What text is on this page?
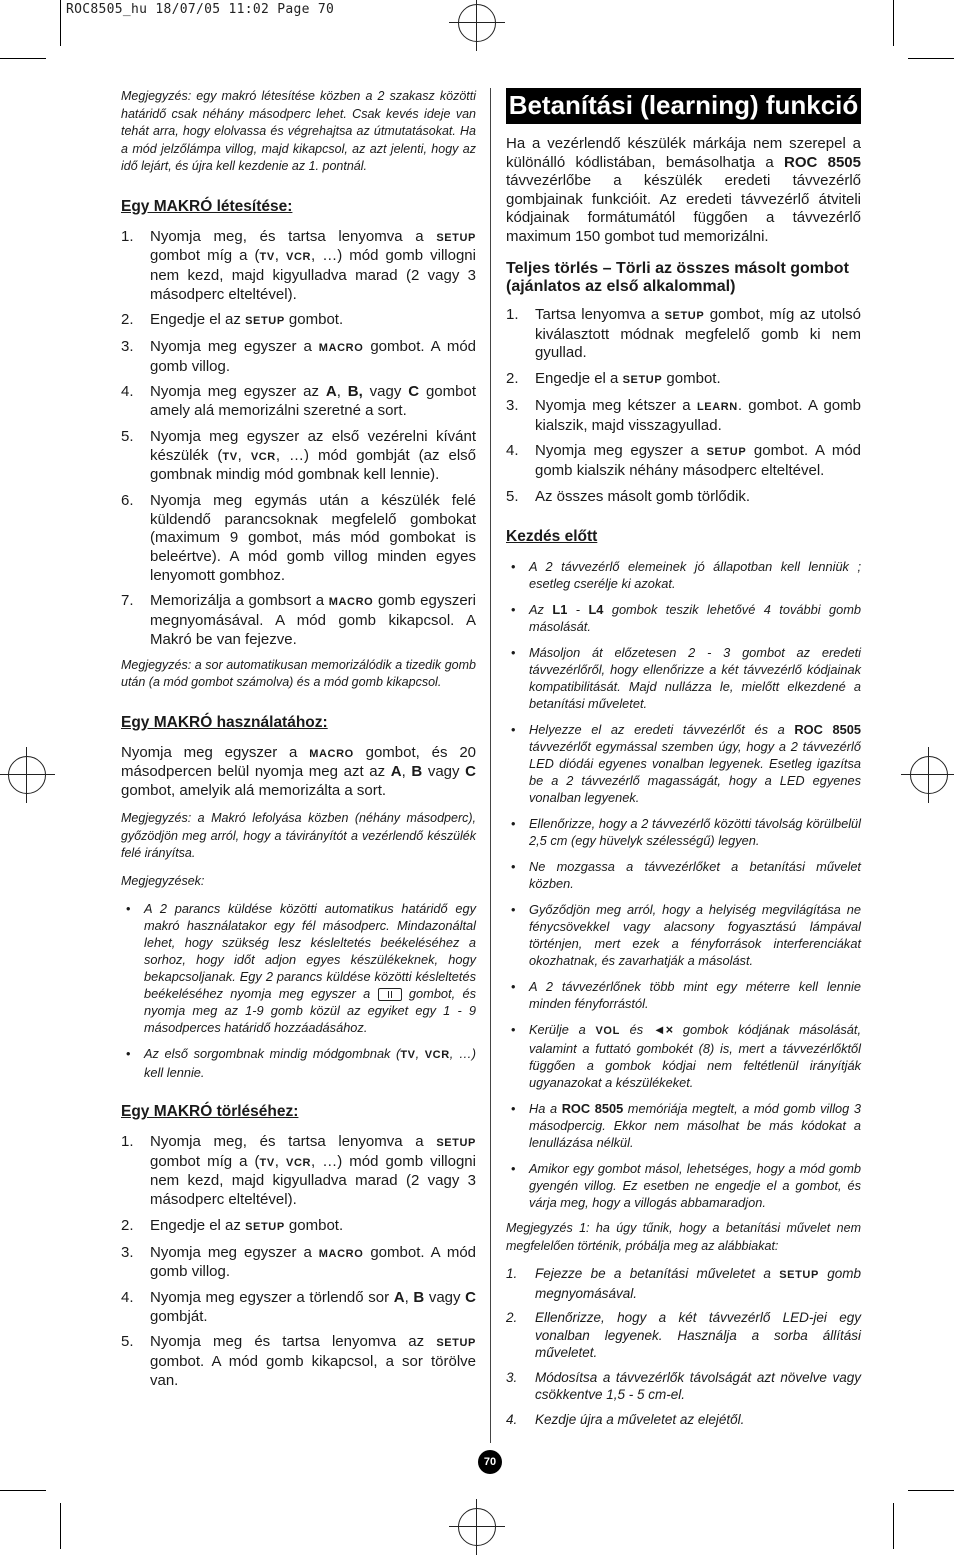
ROC8505_hu 18/07/05 11:02 Page 70

Megjegyzés: egy makró létesítése közben a 2 szakasz közötti határidő csak néhány másodperc lehet. Csak kevés ideje van tehát arra, hogy elolvassa és végrehajtsa az útmutatásokat. Ha a mód jelzőlámpa villog, majd kikapcsol, az azt jelenti, hogy az idő lejárt, és újra kell kezdenie az 1. pontnál.

Egy MAKRÓ létesítése:
1. Nyomja meg, és tartsa lenyomva a SETUP gombot míg a (TV, VCR, …) mód gomb villogni nem kezd, majd kigyulladva marad (2 vagy 3 másodperc elteltével).
2. Engedje el az SETUP gombot.
3. Nyomja meg egyszer a MACRO gombot. A mód gomb villog.
4. Nyomja meg egyszer az A, B, vagy C gombot amely alá memorizálni szeretné a sort.
5. Nyomja meg egyszer az első vezérelni kívánt készülék (TV, VCR, …) mód gombját (az első gombnak mindig mód gombnak kell lennie).
6. Nyomja meg egymás után a készülék felé küldendő parancsoknak megfelelő gombokat (maximum 9 gombot, más mód gombokat is beleértve). A mód gomb villog minden egyes lenyomott gombhoz.
7. Memorizálja a gombsort a MACRO gomb egyszeri megnyomásával. A mód gomb kikapcsol. A Makró be van fejezve.

Megjegyzés: a sor automatikusan memorizálódik a tizedik gomb után (a mód gombot számolva) és a mód gomb kikapcsol.

Egy MAKRÓ használatához:

Nyomja meg egyszer a MACRO gombot, és 20 másodpercen belül nyomja meg azt az A, B vagy C gombot, amelyik alá memorizálta a sort.

Megjegyzés: a Makró lefolyása közben (néhány másodperc), győzödjön meg arról, hogy a távirányítót a vezérlendő készülék felé irányítsa.

Megjegyzések:

• A 2 parancs küldése közötti automatikus határidő egy makró használatakor egy fél másodperc. Mindazonáltal lehet, hogy szükség lesz késleltetés beékeléséhez a sorhoz, hogy időt adjon egyes készülékeknek, hogy bekapcsoljanak. Egy 2 parancs küldése közötti késleltetés beékeléséhez nyomja meg egyszer a	gombot, és nyomja meg az 1-9 gomb közül az egyiket egy 1 - 9 másodperces határidő hozzáadásához.
• Az első sorgombnak mindig módgombnak (TV, VCR, …) kell lennie.
Egy MAKRÓ törléséhez:
1. Nyomja meg, és tartsa lenyomva a SETUP gombot míg a (TV, VCR, …) mód gomb villogni nem kezd, majd kigyulladva marad (2 vagy 3 másodperc elteltével).
2. Engedje el az SETUP gombot.
3. Nyomja meg egyszer a MACRO gombot. A mód gomb villog.
4. Nyomja meg egyszer a törlendő sor A, B vagy C gombját.
5. Nyomja meg és tartsa lenyomva az SETUP gombot. A mód gomb kikapcsol, a sor törölve van.
Betanítási (learning) funkció

Ha a vezérlendő készülék márkája nem szerepel a különálló kódlistában, bemásolhatja a ROC 8505 távvezérlőbe a készülék eredeti távvezérlő gombjainak funkcióit. Az eredeti távvezérlő átviteli kódjainak formátumától függően a távvezérlő maximum 150 gombot tud memorizálni.

Teljes törlés – Törli az összes másolt gombot (ajánlatos az első alkalommal)
1. Tartsa lenyomva a SETUP gombot, míg az utolsó kiválasztott módnak megfelelő gomb ki nem gyullad.
2. Engedje el a SETUP gombot.
3. Nyomja meg kétszer a LEARN. gombot. A gomb kialszik, majd visszagyullad.
4. Nyomja meg egyszer a SETUP gombot. A mód gomb kialszik néhány másodperc elteltével.
5. Az összes másolt gomb törlődik.
Kezdés előtt
• A 2 távvezérlő elemeinek jó állapotban kell lenniük ; esetleg cserélje ki azokat.
• Az L1 - L4 gombok teszik lehetővé 4 további gomb másolását.
• Másoljon át előzetesen 2 - 3 gombot az eredeti távvezérlőről, hogy ellenőrizze a két távvezérlő kódjainak kompatibilitását. Majd nullázza le, mielőtt elkezdené a betanítási műveletet.
• Helyezze el az eredeti távvezérlőt és a ROC 8505 távvezérlőt egymással szemben úgy, hogy a 2 távvezérlő LED diódái egyenes vonalban legyenek. Esetleg igazítsa be a 2 távvezérlő magasságát, hogy a LED egyenes vonalban legyenek.
• Ellenőrizze, hogy a 2 távvezérlő közötti távolság körülbelül 2,5 cm (egy hüvelyk szélességű) legyen.
• Ne mozgassa a távvezérlőket a betanítási művelet közben.
• Győződjön meg arról, hogy a helyiség megvilágítása ne fénycsövekkel vagy alacsony fogyasztású lámpával történjen, mert ezek a fényforrások interferenciákat okozhatnak, és zavarhatják a másolást.
• A 2 távvezérlőnek több mint egy méterre kell lennie minden fényforrástól.
• Kerülje a VOL és ◄× gombok kódjának másolását, valamint a futtató gombokét (8) is, mert a távvezérlőktől függően a gombok kódjai nem feltétlenül irányítják ugyanazokat a készülékeket.
• Ha a ROC 8505 memóriája megtelt, a mód gomb villog 3 másodpercig. Ekkor nem másolhat be más kódokat a lenullázása nélkül.
• Amikor egy gombot másol, lehetséges, hogy a mód gomb gyengén villog. Ez esetben ne engedje el a gombot, és várja meg, hogy a villogás abbamaradjon.

Megjegyzés 1: ha úgy tűnik, hogy a betanítási művelet nem megfelelően történik, próbálja meg az alábbiakat:

1. Fejezze be a betanítási műveletet a SETUP gomb megnyomásával.
2. Ellenőrizze, hogy a két távvezérlő LED-jei egy vonalban legyenek. Használja a sorba állítási műveletet.
3. Módosítsa a távvezérlők távolságát azt növelve vagy csökkentve 1,5 - 5 cm-el.
4. Kezdje újra a műveletet az elejétől.
70
